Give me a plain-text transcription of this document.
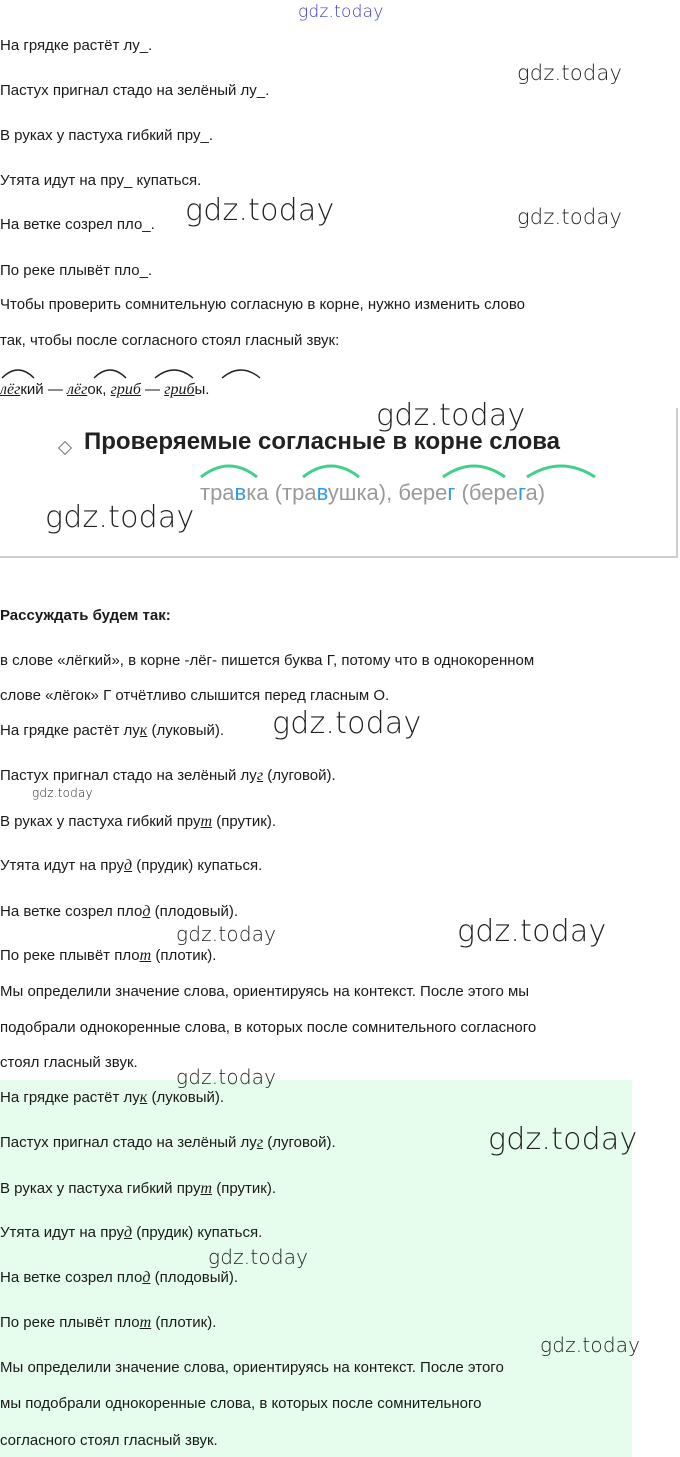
gdz.today
На грядке растёт лу_.
Пастух пригнал стадо на зелёный лу_.
В руках у пастуха гибкий пру_.
Утята идут на пру_ купаться.
На ветке созрел пло_.
По реке плывёт пло_.
gdz.today
gdz.today	gdz.today
Чтобы проверить сомнительную согласную в корне, нужно изменить слово
так, чтобы после согласного стоял гласный звук:
лёгкий — лёгок, гриб — грибы.
Проверяемые согласные в корне слова
травка (травушка), берег (берега)
gdz.today
gdz.today
Рассуждать будем так:
в слове «лёгкий», в корне -лёг- пишется буква Г, потому что в однокоренном
слове «лёгок» Г отчётливо слышится перед гласным О.
На грядке растёт лук (луковый).
Пастух пригнал стадо на зелёный луг (луговой).
В руках у пастуха гибкий прут (прутик).
Утята идут на пруд (прудик) купаться.
На ветке созрел плод (плодовый).
По реке плывёт плот (плотик).
gdz.today
gdz.today
gdz.today	gdz.today
Мы определили значение слова, ориентируясь на контекст. После этого мы
подобрали однокоренные слова, в которых после сомнительного согласного
стоял гласный звук.
На грядке растёт лук (луковый).
Пастух пригнал стадо на зелёный луг (луговой).
В руках у пастуха гибкий прут (прутик).
Утята идут на пруд (прудик) купаться.
На ветке созрел плод (плодовый).
По реке плывёт плот (плотик).
Мы определили значение слова, ориентируясь на контекст. После этого
мы подобрали однокоренные слова, в которых после сомнительного
согласного стоял гласный звук.
gdz.today
gdz.today
gdz.today
gdz.today
